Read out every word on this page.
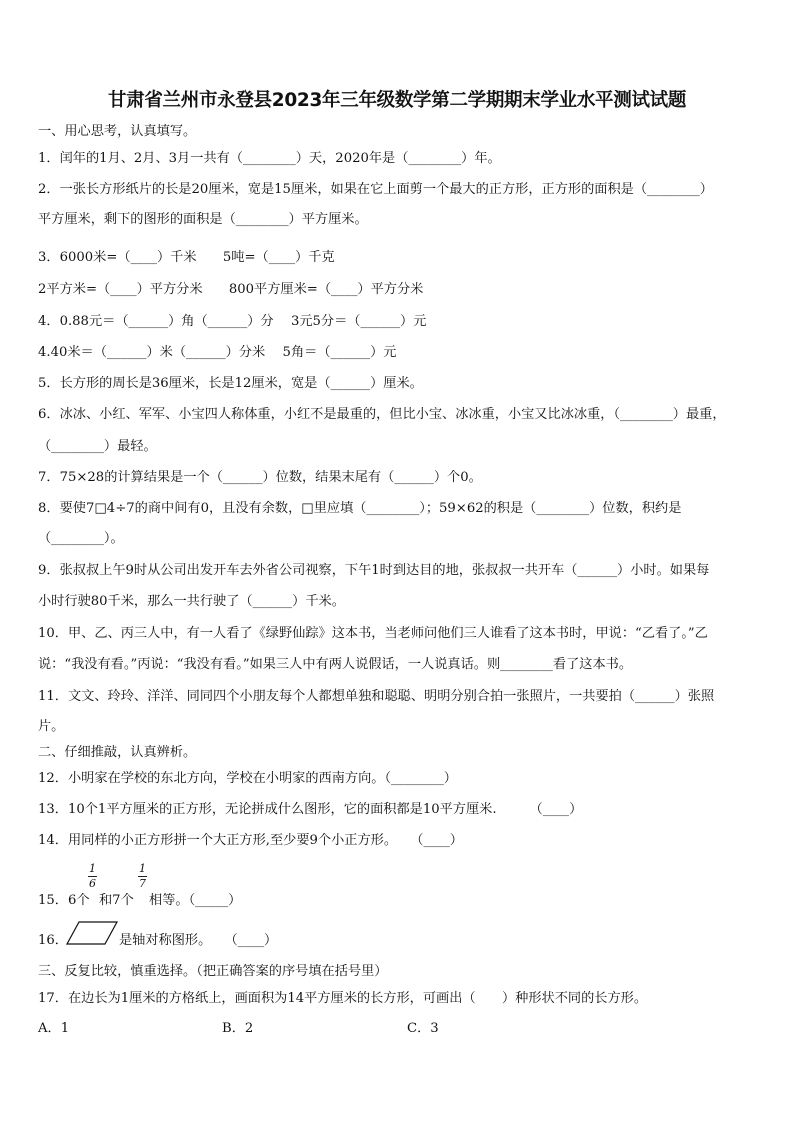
甘肃省兰州市永登县2023年三年级数学第二学期期末学业水平测试试题
一、用心思考，认真填写。
1．闰年的1月、2月、3月一共有（________）天，2020年是（________）年。
2．一张长方形纸片的长是20厘米，宽是15厘米，如果在它上面剪一个最大的正方形，正方形的面积是（________）
平方厘米，剩下的图形的面积是（________）平方厘米。
3．6000米=（____）千米　　5吨=（____）千克
2平方米=（____）平方分米　　800平方厘米=（____）平方分米
4．0.88元＝（______）角（______）分　 3元5分＝（______）元
4.40米＝（______）米（______）分米　 5角＝（______）元
5．长方形的周长是36厘米，长是12厘米，宽是（______）厘米。
6．冰冰、小红、军军、小宝四人称体重，小红不是最重的，但比小宝、冰冰重，小宝又比冰冰重，（________）最重，
（________）最轻。
7．75×28的计算结果是一个（______）位数，结果末尾有（______）个0。
8．要使7□4÷7的商中间有0，且没有余数，□里应填（________）；59×62的积是（________）位数，积约是
（________）。
9．张叔叔上午9时从公司出发开车去外省公司视察，下午1时到达目的地，张叔叔一共开车（______）小时。如果每
小时行驶80千米，那么一共行驶了（______）千米。
10．甲、乙、丙三人中，有一人看了《绿野仙踪》这本书，当老师问他们三人谁看了这本书时，甲说：“乙看了。”乙
说：“我没有看。”丙说：“我没有看。”如果三人中有两人说假话，一人说真话。则________看了这本书。
11．文文、玲玲、洋洋、同同四个小朋友每个人都想单独和聪聪、明明分别合拍一张照片，一共要拍（______）张照
片。
二、仔细推敲，认真辨析。
12．小明家在学校的东北方向，学校在小明家的西南方向。（________）
13．10个1平方厘米的正方形，无论拼成什么图形，它的面积都是10平方厘米.　　　（____）
14．用同样的小正方形拼一个大正方形,至少要9个小正方形。　　（____）
15．6个
1
6
和7个
1
7
相等。（_____）
16．	是轴对称图形。　　（____）
三、反复比较，慎重选择。（把正确答案的序号填在括号里）
17．在边长为1厘米的方格纸上，画面积为14平方厘米的长方形，可画出（　　）种形状不同的长方形。
A．1	B．2	C．3
